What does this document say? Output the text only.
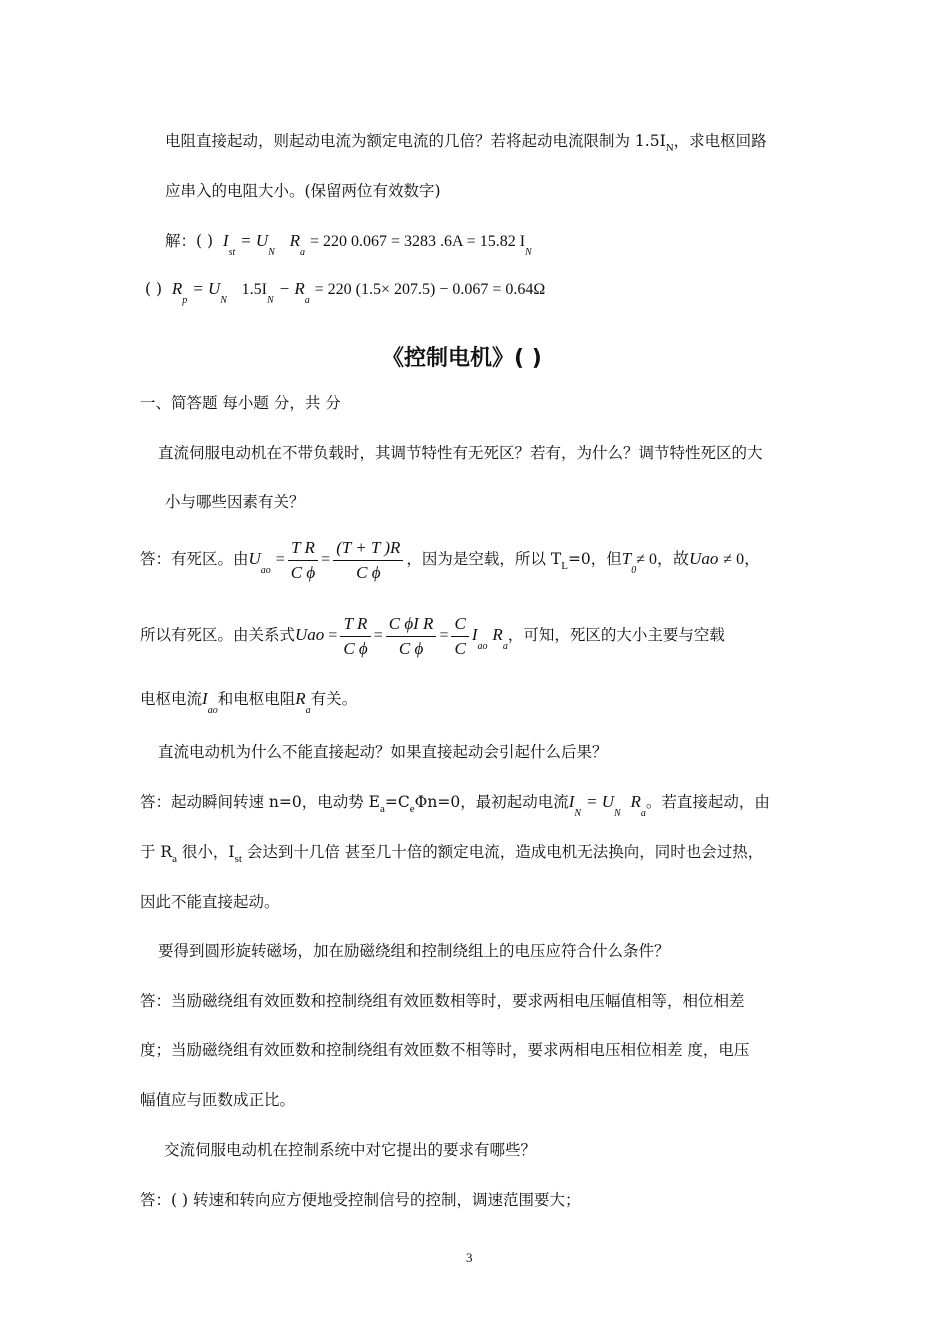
电阻直接起动，则起动电流为额定电流的几倍？若将起动电流限制为 $1.5I_N$，求电枢回路
应串入的电阻大小。(保留两位有效数字)
解：( ) $I_{st} = U_N$   $R_a = 220$ 0.067 = 3283 .6A = 15.82 $I_N$
( ) $R_p = U_N$   $1.5I_N - R_a = 220$ (1.5× 207.5) − 0.067 = 0.64Ω
《控制电机》( )
一、简答题 每小题 分，共 分
直流伺服电动机在不带负载时，其调节特性有无死区？若有，为什么？调节特性死区的大
小与哪些因素有关？
答：有死区。由$U_{ao} = \frac{\text{T R}}{\text{C ϕ}} = \frac{(T + T )R}{\text{C ϕ}}$ ，因为是空载，所以 $T_L=0$，但$T_0\ne 0$，故Uao ≠ 0，
所以有死区。由关系式Uao = $\frac{\text{T R}}{\text{C ϕ}} = \frac{\text{C ϕI R}}{\text{C ϕ}} = \frac{C}{C} I_{ao}$ $R_a$，可知，死区的大小主要与空载
电枢电流$I_{ao}$和电枢电阻$R_a$有关。
直流电动机为什么不能直接起动？如果直接起动会引起什么后果？
答：起动瞬间转速 n=0，电动势 $E_a=C_e\Phi n=0$，最初起动电流$I_N = U_N$  $R_a$。若直接起动，由
于 $R_a$ 很小，$I_{st}$ 会达到十几倍 甚至几十倍的额定电流，造成电机无法换向，同时也会过热，
因此不能直接起动。
要得到圆形旋转磁场，加在励磁绕组和控制绕组上的电压应符合什么条件？
答：当励磁绕组有效匝数和控制绕组有效匝数相等时，要求两相电压幅值相等，相位相差
度；当励磁绕组有效匝数和控制绕组有效匝数不相等时，要求两相电压相位相差 度，电压
幅值应与匝数成正比。
交流伺服电动机在控制系统中对它提出的要求有哪些？
答：( ) 转速和转向应方便地受控制信号的控制，调速范围要大；
3
